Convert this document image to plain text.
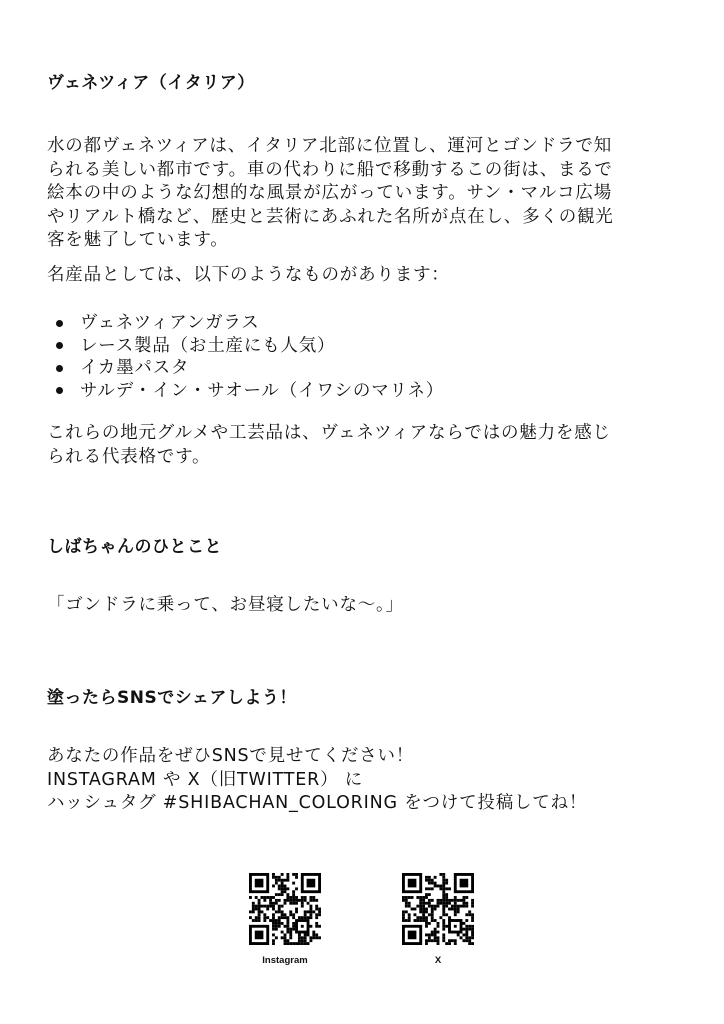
ヴェネツィア（イタリア）
水の都ヴェネツィアは、イタリア北部に位置し、運河とゴンドラで知
られる美しい都市です。車の代わりに船で移動するこの街は、まるで
絵本の中のような幻想的な風景が広がっています。サン・マルコ広場
やリアルト橋など、歴史と芸術にあふれた名所が点在し、多くの観光
客を魅了しています。

名産品としては、以下のようなものがあります：

ヴェネツィアンガラス
レース製品（お土産にも人気）
イカ墨パスタ
サルデ・イン・サオール（イワシのマリネ）
これらの地元グルメや工芸品は、ヴェネツィアならではの魅力を感じ
られる代表格です。
しばちゃんのひとこと

「ゴンドラに乗って、お昼寝したいな〜。」

塗ったらSNSでシェアしよう！
あなたの作品をぜひSNSで見せてください！
INSTAGRAM や X（旧TWITTER） に
ハッシュタグ #SHIBACHAN_COLORING をつけて投稿してね！
Instagram	X
